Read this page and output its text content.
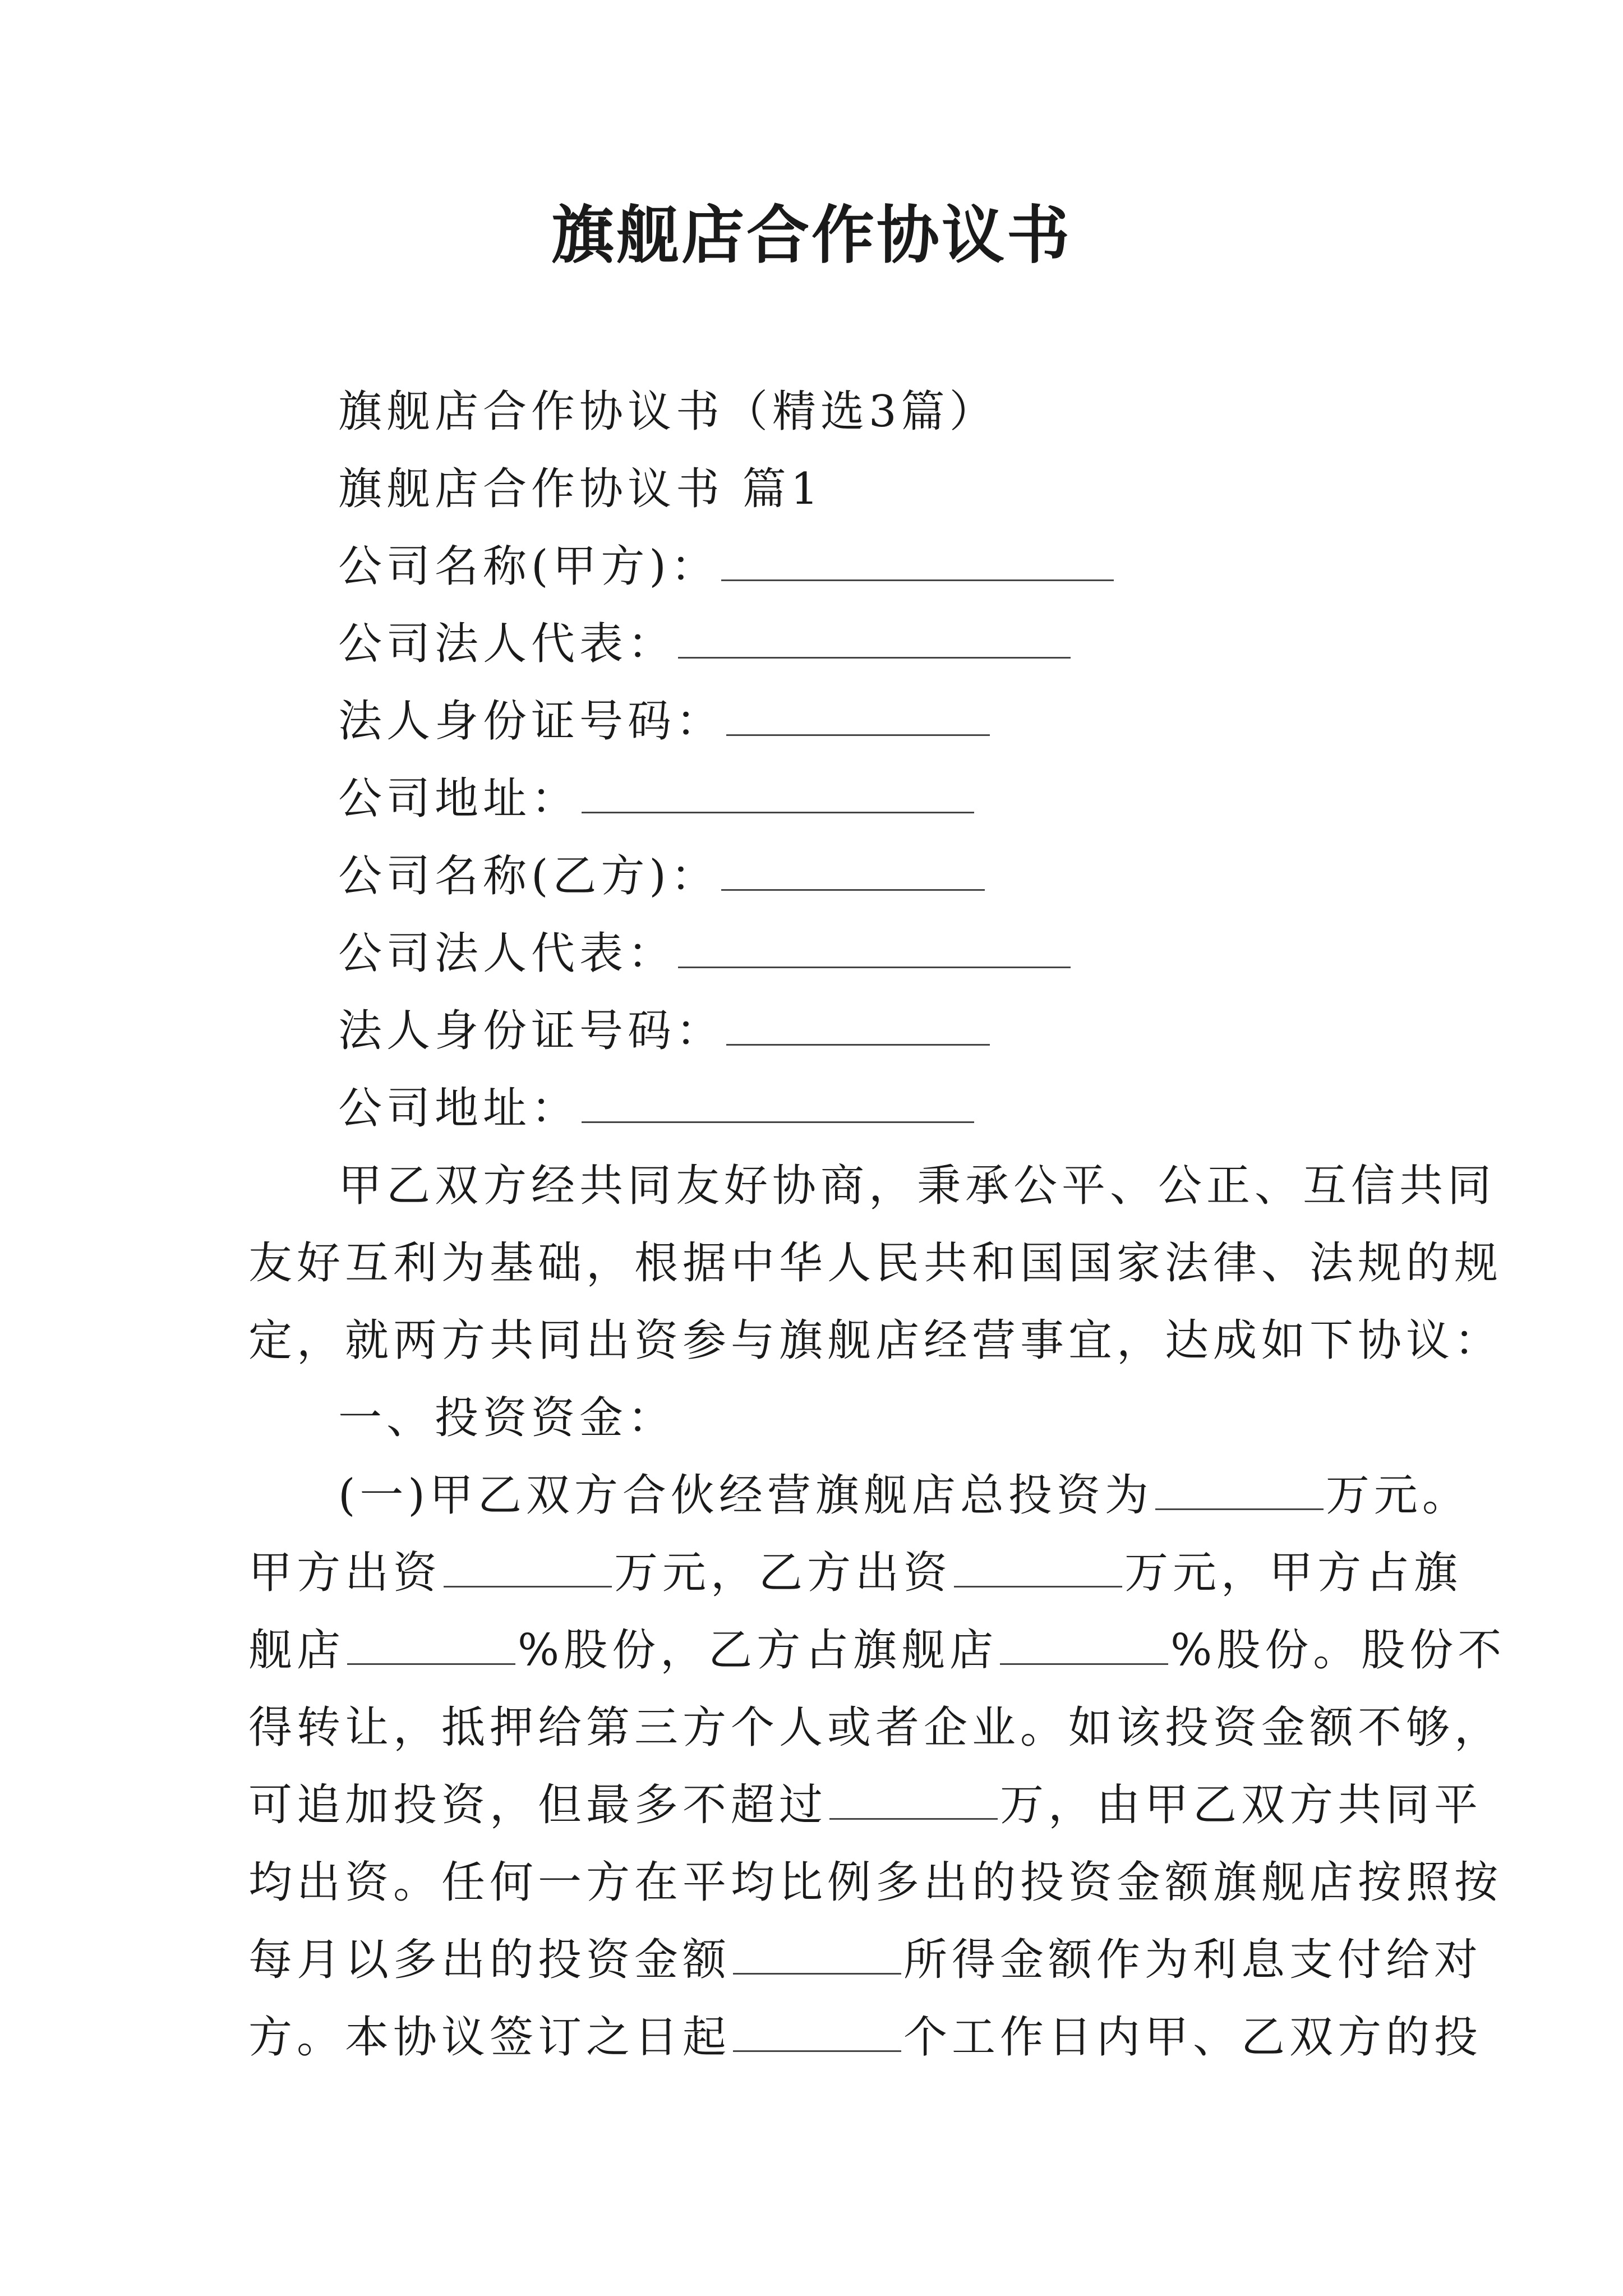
旗舰店合作协议书
旗舰店合作协议书（精选3篇）
旗舰店合作协议书 篇1
公司名称(甲方)：
公司法人代表：
法人身份证号码：
公司地址：
公司名称(乙方)：
公司法人代表：
法人身份证号码：
公司地址：
甲乙双方经共同友好协商，秉承公平、公正、互信共同
友好互利为基础，根据中华人民共和国国家法律、法规的规
定，就两方共同出资参与旗舰店经营事宜，达成如下协议：
一、投资资金：
(一)甲乙双方合伙经营旗舰店总投资为	万元。
甲方出资	万元，乙方出资	万元，甲方占旗
舰店	%股份，乙方占旗舰店	%股份。股份不
得转让，抵押给第三方个人或者企业。如该投资金额不够，
可追加投资，但最多不超过	万，由甲乙双方共同平
均出资。任何一方在平均比例多出的投资金额旗舰店按照按
每月以多出的投资金额	所得金额作为利息支付给对
方。本协议签订之日起	个工作日内甲、乙双方的投
